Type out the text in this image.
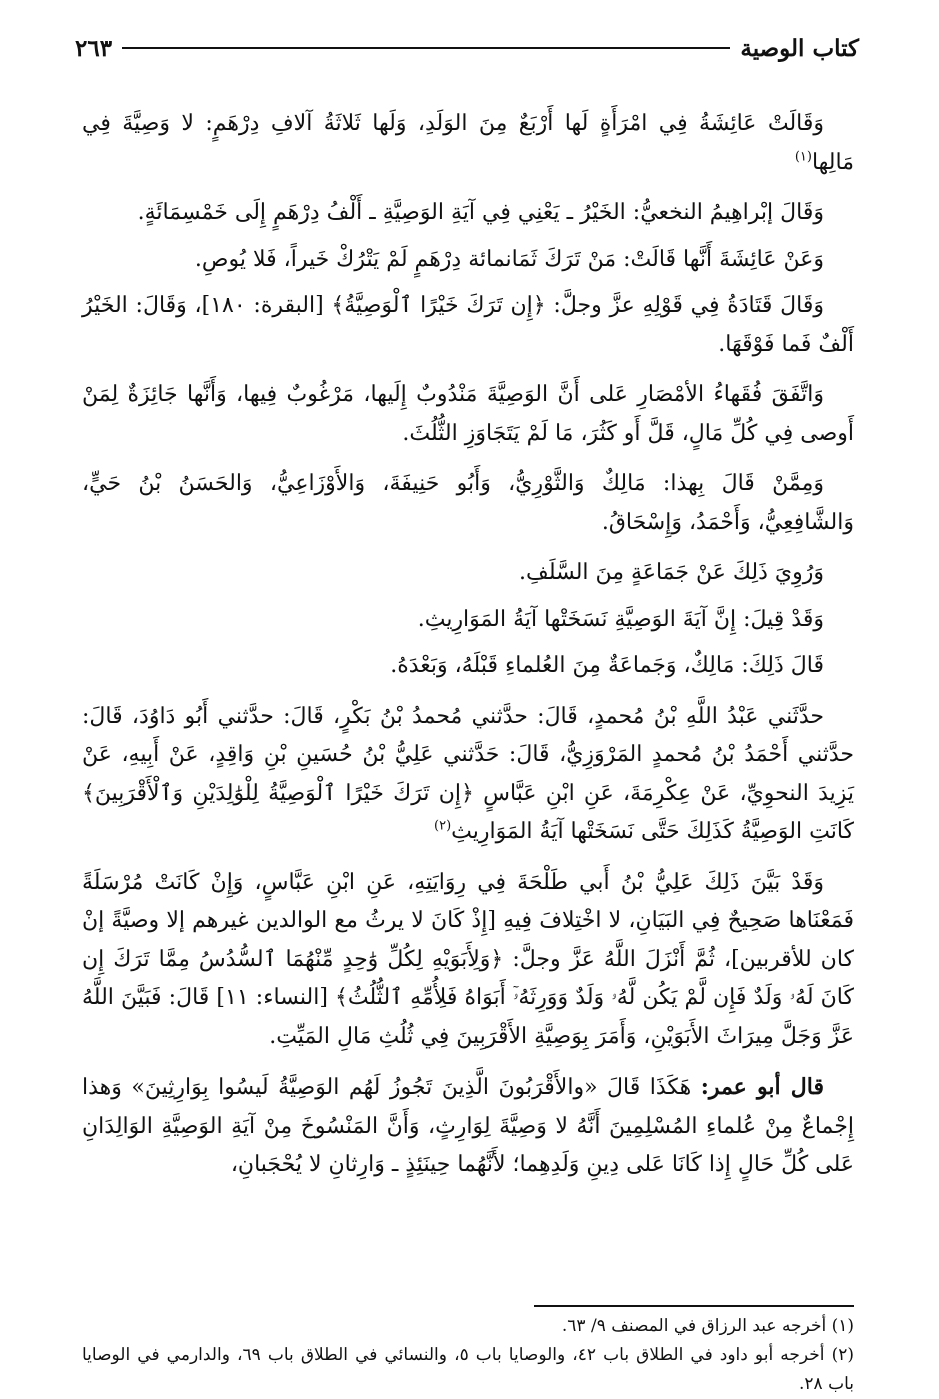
كتاب الوصية
٢٦٣

وَقَالَتْ عَائِشَةُ فِي امْرَأَةٍ لَها أَرْبَعٌ مِنَ الوَلَدِ، وَلَها ثَلاثَةُ آلافِ دِرْهَمٍ: لا وَصِيَّةَ فِي مَالِها$^{(١)}$

وَقَالَ إبْراهِيمُ النخعيُّ: الخَيْرُ ـ يَعْنِي فِي آيَةِ الوَصِيَّةِ ـ أَلْفُ دِرْهَمٍ إِلَى خَمْسِمَائَةٍ.

وَعَنْ عَائِشَةَ أَنَّها قَالَتْ: مَنْ تَرَكَ ثَمَانمائة دِرْهَمٍ لَمْ يَتْرُكْ خَيراً، فَلا يُوصِ.

وَقَالَ قَتَادَةُ فِي قَوْلِهِ عزَّ وجلَّ: ﴿إِن تَرَكَ خَيْرًا ٱلْوَصِيَّةُ﴾ [البقرة: ١٨٠]، وَقَالَ: الخَيْرُ أَلْفٌ فَما فَوْقَهَا.

وَاتَّفَقَ فُقَهاءُ الأمْصَارِ عَلى أَنَّ الوَصِيَّةَ مَنْدُوبٌ إِلَيها، مَرْغُوبٌ فِيها، وَأَنَّها جَائِزَةٌ لِمَنْ أَوصى فِي كُلِّ مَالٍ، قَلَّ أَو كَثُرَ، مَا لَمْ يَتَجَاوَزِ الثُّلُثَ.

وَمِمَّنْ قَالَ بِهذا: مَالِكٌ وَالثَّوْرِيُّ، وَأَبُو حَنِيفَةَ، وَالأَوْزَاعِيُّ، وَالحَسَنُ بْنُ حَيٍّ، وَالشَّافِعِيُّ، وَأَحْمَدُ، وَإِسْحَاقُ.

وَرُوِيَ ذَلِكَ عَنْ جَمَاعَةٍ مِنَ السَّلَفِ.

وَقَدْ قِيلَ: إِنَّ آيَةَ الوَصِيَّةِ نَسَخَتْها آيَةُ المَوَارِيثِ.

قَالَ ذَلِكَ: مَالِكٌ، وَجَماعَةٌ مِنَ العُلماءِ قَبْلَهُ، وَبَعْدَهُ.

حدَّثَني عَبْدُ اللَّهِ بْنُ مُحمدٍ، قَالَ: حدَّثني مُحمدُ بْنُ بَكْرٍ، قَالَ: حدَّثني أَبُو دَاوُدَ، قَالَ: حدَّثني أَحْمَدُ بْنُ مُحمدٍ المَرْوَزِيُّ، قَالَ: حَدَّثني عَلِيُّ بْنُ حُسَينِ بْنِ وَاقِدٍ، عَنْ أَبِيهِ، عَنْ يَزِيدَ النحوِيِّ، عَنْ عِكْرِمَةَ، عَنِ ابْنِ عَبَّاسٍ ﴿إِن تَرَكَ خَيْرًا ٱلْوَصِيَّةُ لِلْوَٰلِدَيْنِ وَٱلْأَقْرَبِينَ﴾ كَانَتِ الوَصِيَّةُ كَذَلِكَ حَتَّى نَسَخَتْها آيَةُ المَوَارِيثِ$^{(٢)}$

وَقَدْ بَيَّنَ ذَلِكَ عَلِيُّ بْنُ أَبي طَلْحَةَ فِي رِوَايَتِهِ، عَنِ ابْنِ عَبَّاسٍ، وَإِنْ كَانَتْ مُرْسَلَةً فَمَعْنَاها صَحِيحٌ فِي البَيَانِ، لا اخْتِلافَ فِيهِ [إِذْ كَانَ لا يرثُ مع الوالدين غيرهم إلا وصيَّةً إنْ كان للأقربين]، ثُمَّ أَنْزَلَ اللَّهُ عَزَّ وجلَّ: ﴿وَلِأَبَوَيْهِ لِكُلِّ وَٰحِدٍ مِّنْهُمَا ٱلسُّدُسُ مِمَّا تَرَكَ إِن كَانَ لَهُۥ وَلَدٌ فَإِن لَّمْ يَكُن لَّهُۥ وَلَدٌ وَوَرِثَهُۥٓ أَبَوَاهُ فَلِأُمِّهِ ٱلثُّلُثُ﴾ [النساء: ١١] قَالَ: فَبَيَّنَ اللَّهُ عَزَّ وَجَلَّ مِيرَاثَ الأَبَوَيْنِ، وَأَمَرَ بِوَصِيَّةِ الأَقْرَبِينَ فِي ثُلُثِ مَالِ المَيِّتِ.

قال أبو عمر: هَكَذَا قَالَ «والأَقْرَبُونَ الَّذِينَ تَجُوزُ لَهُم الوَصِيَّةُ لَيسُوا بِوَارِثِينَ» وَهذا إِجْماعٌ مِنْ عُلماءِ المُسْلِمِينَ أَنَّهُ لا وَصِيَّةَ لِوَارِثٍ، وَأَنَّ المَنْسُوخَ مِنْ آيَةِ الوَصِيَّةِ الوَالِدَانِ عَلى كُلِّ حَالٍ إِذا كَانَا عَلى دِينِ وَلَدِهِما؛ لأَنَّهُما حِينَئِذٍ ـ وَارِثانِ لا يُحْجَبانِ،

(١) أخرجه عبد الرزاق في المصنف ٩/ ٦٣.

(٢) أخرجه أبو داود في الطلاق باب ٤٢، والوصايا باب ٥، والنسائي في الطلاق باب ٦٩، والدارمي في الوصايا باب ٢٨.
